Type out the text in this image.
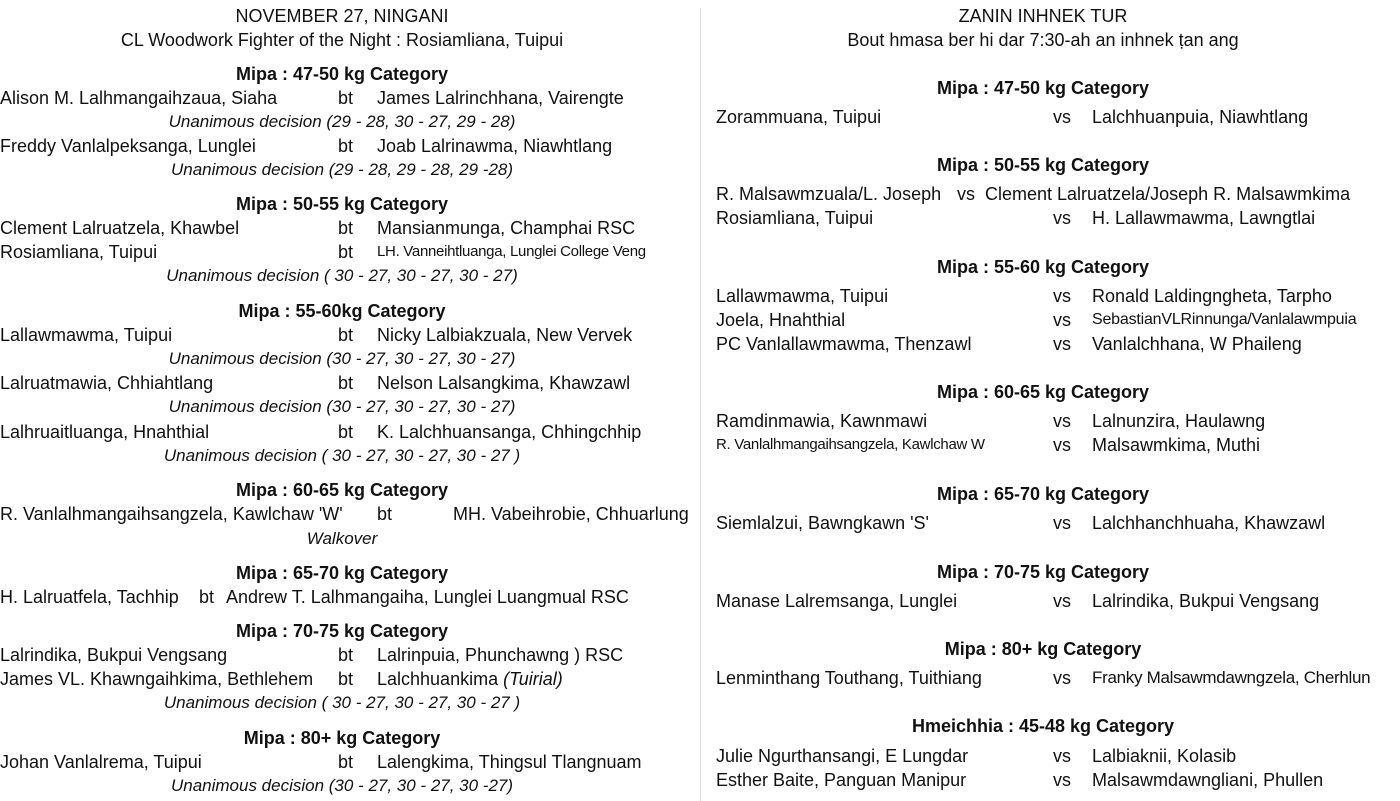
NOVEMBER 27, NINGANI
CL Woodwork Fighter of the Night : Rosiamliana, Tuipui
Mipa : 47-50 kg Category
Alison M. Lalhmangaihzaua, Siaha	bt James Lalrinchhana, Vairengte
Unanimous decision (29 - 28, 30 - 27, 29 - 28)
Freddy Vanlalpeksanga, Lunglei	bt Joab Lalrinawma, Niawhtlang
Unanimous decision (29 - 28, 29 - 28, 29 -28)
Mipa : 50-55 kg Category
Clement Lalruatzela, Khawbel	bt Mansianmunga, Champhai RSC
Rosiamliana, Tuipui	bt LH. Vanneihtluanga, Lunglei College Veng
Unanimous decision ( 30 - 27, 30 - 27, 30 - 27)
Mipa : 55-60kg Category
Lallawmawma, Tuipui	bt Nicky Lalbiakzuala, New Vervek
Unanimous decision (30 - 27, 30 - 27, 30 - 27)
Lalruatmawia, Chhiahtlang	bt Nelson Lalsangkima, Khawzawl
Unanimous decision (30 - 27, 30 - 27, 30 - 27)
Lalhruaitluanga, Hnahthial	bt K. Lalchhuansanga, Chhingchhip
Unanimous decision ( 30 - 27, 30 - 27, 30 - 27 )
Mipa : 60-65 kg Category
R. Vanlalhmangaihsangzela, Kawlchaw 'W' bt	MH. Vabeihrobie, Chhuarlung
Walkover
Mipa : 65-70 kg Category
H. Lalruatfela, Tachhip bt Andrew T. Lalhmangaiha, Lunglei Luangmual RSC
Mipa : 70-75 kg Category
Lalrindika, Bukpui Vengsang	bt Lalrinpuia, Phunchawng ) RSC
James VL. Khawngaihkima, Bethlehem bt Lalchhuankima (Tuirial)
Unanimous decision ( 30 - 27, 30 - 27, 30 - 27 )
Mipa : 80+ kg Category
Johan Vanlalrema, Tuipui	bt Lalengkima, Thingsul Tlangnuam
Unanimous decision (30 - 27, 30 - 27, 30 -27)
ZANIN INHNEK TUR
Bout hmasa ber hi dar 7:30-ah an inhnek ṭan ang
Mipa : 47-50 kg Category
Zorammuana, Tuipui	vs Lalchhuanpuia, Niawhtlang
Mipa : 50-55 kg Category
R. Malsawmzuala/L. Joseph vs Clement Lalruatzela/Joseph R. Malsawmkima
Rosiamliana, Tuipui	vs H. Lallawmawma, Lawngtlai
Mipa : 55-60 kg Category
Lallawmawma, Tuipui	vs Ronald Laldingngheta, Tarpho
Joela, Hnahthial	vs SebastianVLRinnunga/Vanlalawmpuia
PC Vanlallawmawma, Thenzawl	vs Vanlalchhana, W Phaileng
Mipa : 60-65 kg Category
Ramdinmawia, Kawnmawi	vs Lalnunzira, Haulawng
R. Vanlalhmangaihsangzela, Kawlchaw W	vs Malsawmkima, Muthi
Mipa : 65-70 kg Category
Siemlalzui, Bawngkawn 'S'	vs Lalchhanchhuaha, Khawzawl
Mipa : 70-75 kg Category
Manase Lalremsanga, Lunglei	vs Lalrindika, Bukpui Vengsang
Mipa : 80+ kg Category
Lenminthang Touthang, Tuithiang	vs Franky Malsawmdawngzela, Cherhlun
Hmeichhia : 45-48 kg Category
Julie Ngurthansangi, E Lungdar	vs Lalbiaknii, Kolasib
Esther Baite, Panguan Manipur	vs Malsawmdawngliani, Phullen
